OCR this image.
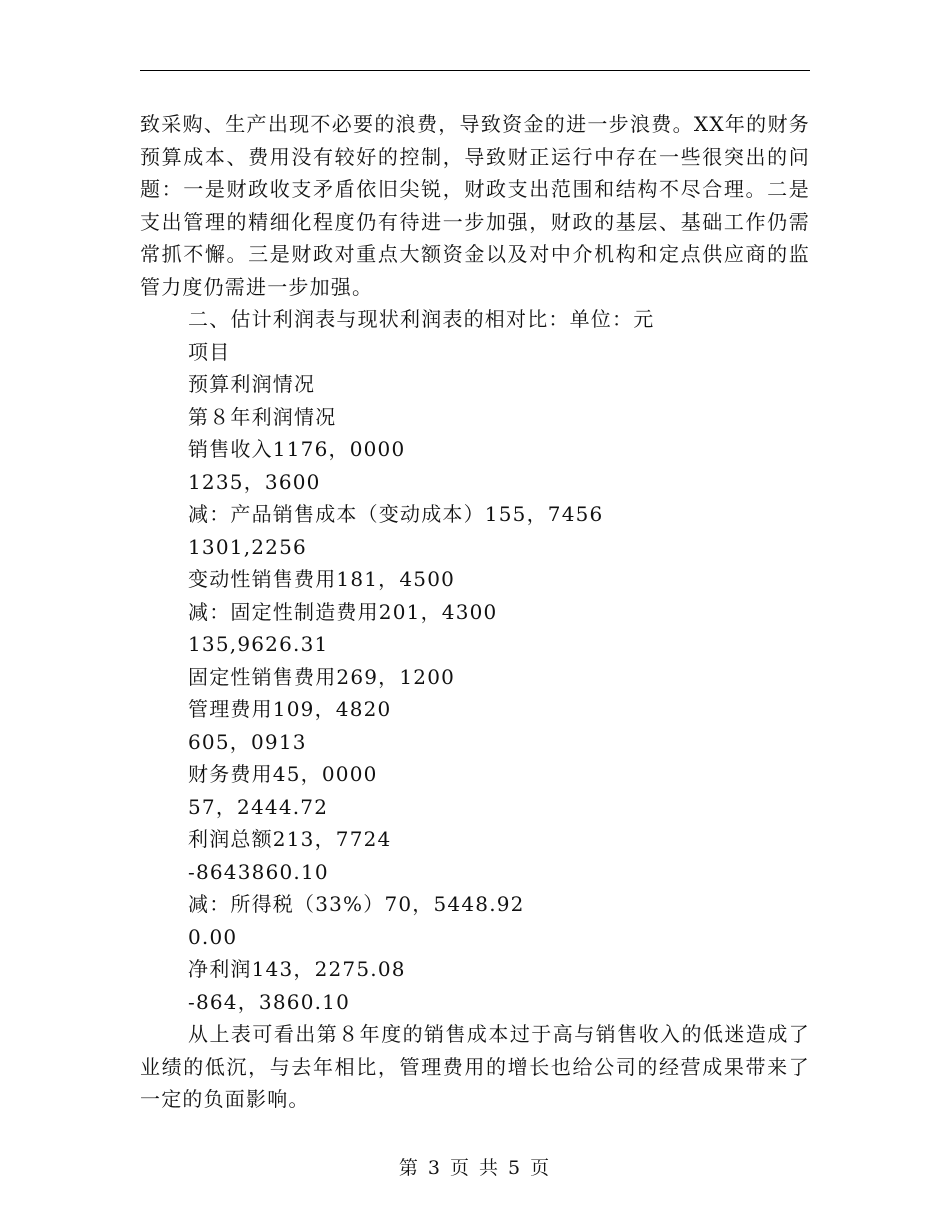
致采购、生产出现不必要的浪费，导致资金的进一步浪费。XX年的财务预算成本、费用没有较好的控制，导致财正运行中存在一些很突出的问题：一是财政收支矛盾依旧尖锐，财政支出范围和结构不尽合理。二是支出管理的精细化程度仍有待进一步加强，财政的基层、基础工作仍需常抓不懈。三是财政对重点大额资金以及对中介机构和定点供应商的监管力度仍需进一步加强。

二、估计利润表与现状利润表的相对比：单位：元

项目

预算利润情况

第８年利润情况

销售收入1176，0000

1235，3600

减：产品销售成本（变动成本）155，7456

1301,2256

变动性销售费用181，4500

减：固定性制造费用201，4300

135,9626.31

固定性销售费用269，1200

管理费用109，4820

605，0913

财务费用45，0000

57，2444.72

利润总额213，7724

-8643860.10

减：所得税（33%）70，5448.92

0.00

净利润143，2275.08

-864，3860.10

从上表可看出第８年度的销售成本过于高与销售收入的低迷造成了业绩的低沉，与去年相比，管理费用的增长也给公司的经营成果带来了一定的负面影响。

第 3 页 共 5 页
